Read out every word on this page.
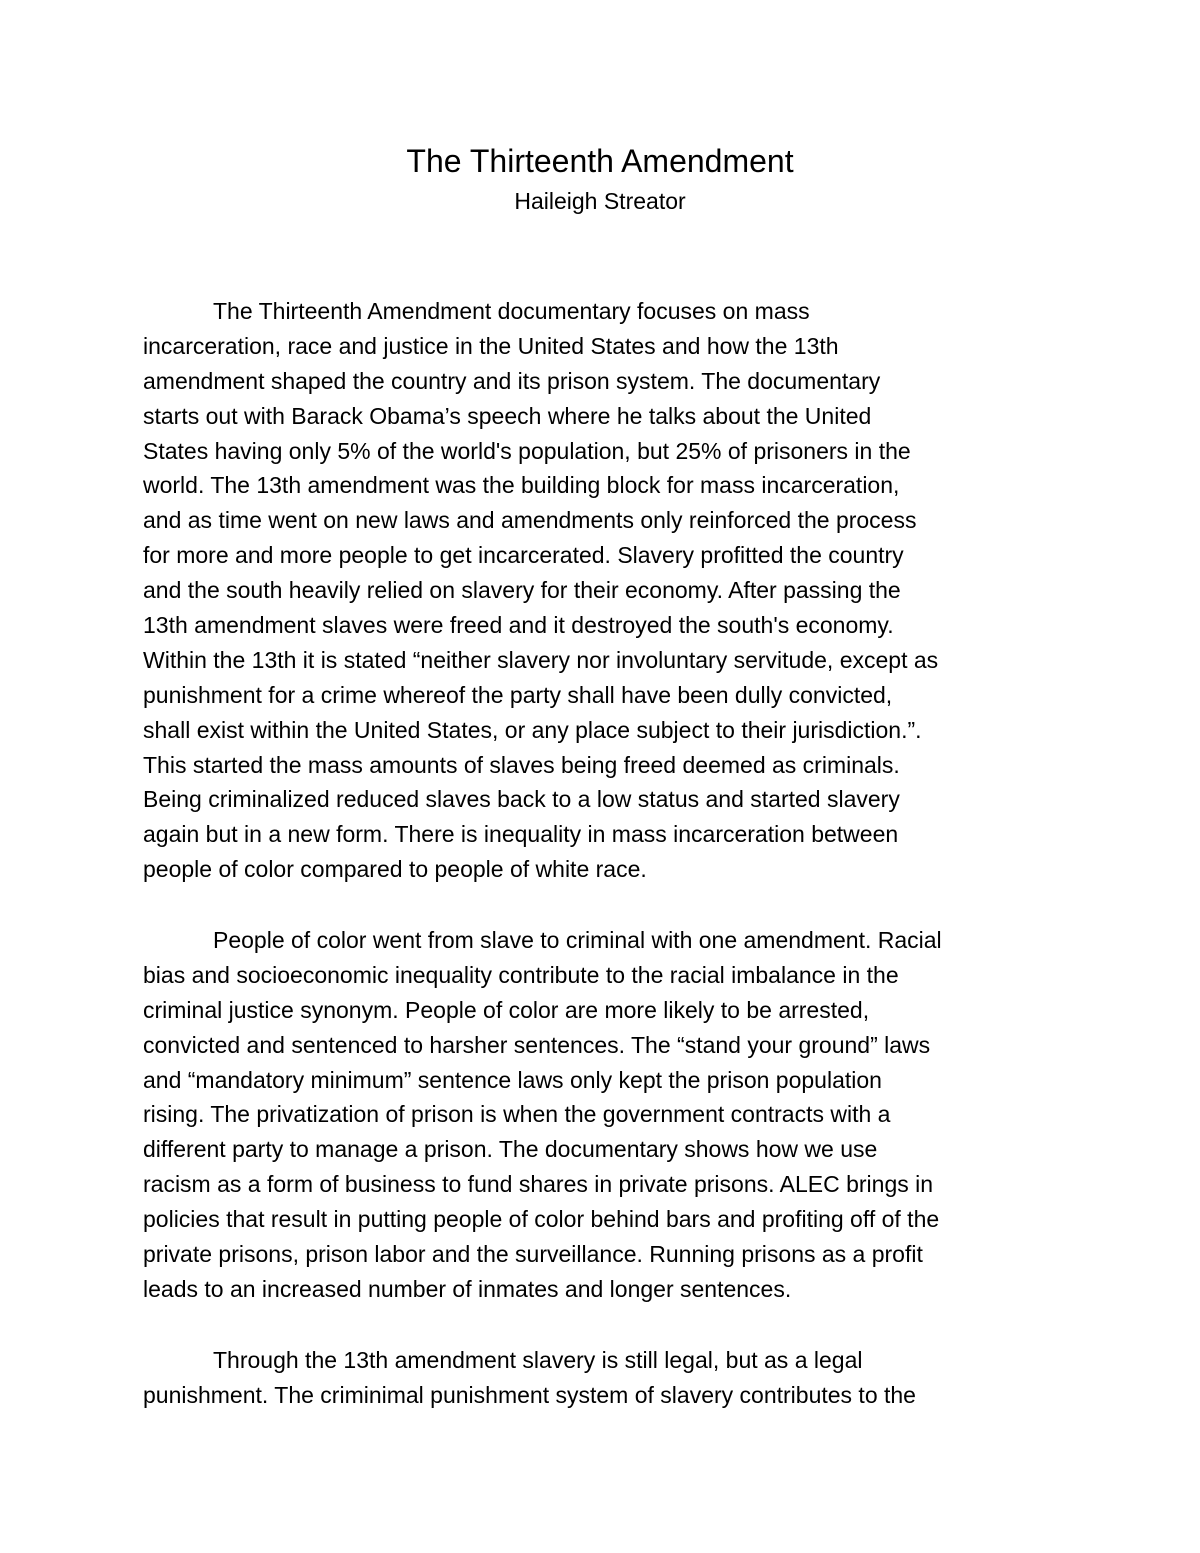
The Thirteenth Amendment
Haileigh Streator
The Thirteenth Amendment documentary focuses on mass
incarceration, race and justice in the United States and how the 13th
amendment shaped the country and its prison system. The documentary
starts out with Barack Obama’s speech where he talks about the United
States having only 5% of the world's population, but 25% of prisoners in the
world. The 13th amendment was the building block for mass incarceration,
and as time went on new laws and amendments only reinforced the process
for more and more people to get incarcerated. Slavery profitted the country
and the south heavily relied on slavery for their economy. After passing the
13th amendment slaves were freed and it destroyed the south's economy.
Within the 13th it is stated “neither slavery nor involuntary servitude, except as
punishment for a crime whereof the party shall have been dully convicted,
shall exist within the United States, or any place subject to their jurisdiction.”.
This started the mass amounts of slaves being freed deemed as criminals.
Being criminalized reduced slaves back to a low status and started slavery
again but in a new form. There is inequality in mass incarceration between
people of color compared to people of white race.
People of color went from slave to criminal with one amendment. Racial
bias and socioeconomic inequality contribute to the racial imbalance in the
criminal justice synonym. People of color are more likely to be arrested,
convicted and sentenced to harsher sentences. The “stand your ground” laws
and “mandatory minimum” sentence laws only kept the prison population
rising. The privatization of prison is when the government contracts with a
different party to manage a prison. The documentary shows how we use
racism as a form of business to fund shares in private prisons. ALEC brings in
policies that result in putting people of color behind bars and profiting off of the
private prisons, prison labor and the surveillance. Running prisons as a profit
leads to an increased number of inmates and longer sentences.
Through the 13th amendment slavery is still legal, but as a legal
punishment. The criminimal punishment system of slavery contributes to the
